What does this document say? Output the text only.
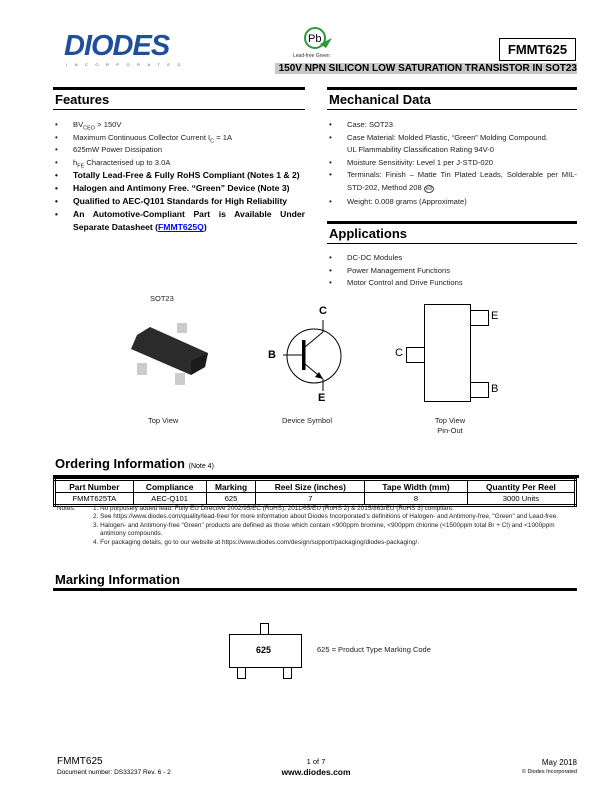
DIODES
INCORPORATED
Pb
Lead-free Green	FMMT625
150V NPN SILICON LOW SATURATION TRANSISTOR IN SOT23
Features
• $BV_{CEO} > 150V$
• Maximum Continuous Collector Current $I_C = 1A$
• 625mW Power Dissipation
• $h_{FE}$ Characterised up to 3.0A
• Totally Lead-Free & Fully RoHS Compliant (Notes 1 & 2)
• Halogen and Antimony Free. “Green” Device (Note 3)
• Qualified to AEC-Q101 Standards for High Reliability
• An Automotive-Compliant Part is Available Under Separate Datasheet (FMMT625Q)
Mechanical Data
• Case: SOT23
• Case Material: Molded Plastic, “Green” Molding Compound.
UL Flammability Classification Rating 94V-0
• Moisture Sensitivity: Level 1 per J-STD-020
• Terminals: Finish – Matte Tin Plated Leads, Solderable per MIL-STD-202, Method 208 e3
• Weight: 0.008 grams (Approximate)
Applications
• DC-DC Modules
• Power Management Functions
• Motor Control and Drive Functions
SOT23
Top View
C
B
E
Device Symbol
E
C
B
Top View
Pin-Out
Ordering Information (Note 4)
Part Number	Compliance	Marking	Reel Size (inches)	Tape Width (mm)	Quantity Per Reel
FMMT625TA	AEC-Q101	625	7	8	3000 Units
Notes:	1. No purposely added lead. Fully EU Directive 2002/95/EC (RoHS), 2011/65/EU (RoHS 2) & 2015/863/EU (RoHS 3) compliant.
2. See https://www.diodes.com/quality/lead-free/ for more information about Diodes Incorporated's definitions of Halogen- and Antimony-free, "Green" and Lead-free.
3. Halogen- and Antimony-free "Green" products are defined as those which contain <900ppm bromine, <900ppm chlorine (<1500ppm total Br + Cl) and <1000ppm antimony compounds.
4. For packaging details, go to our website at https://www.diodes.com/design/support/packaging/diodes-packaging/.
Marking Information
625	625 = Product Type Marking Code
FMMT625
Document number: DS33237 Rev. 6 - 2
1 of 7
www.diodes.com
May 2018
© Diodes Incorporated
